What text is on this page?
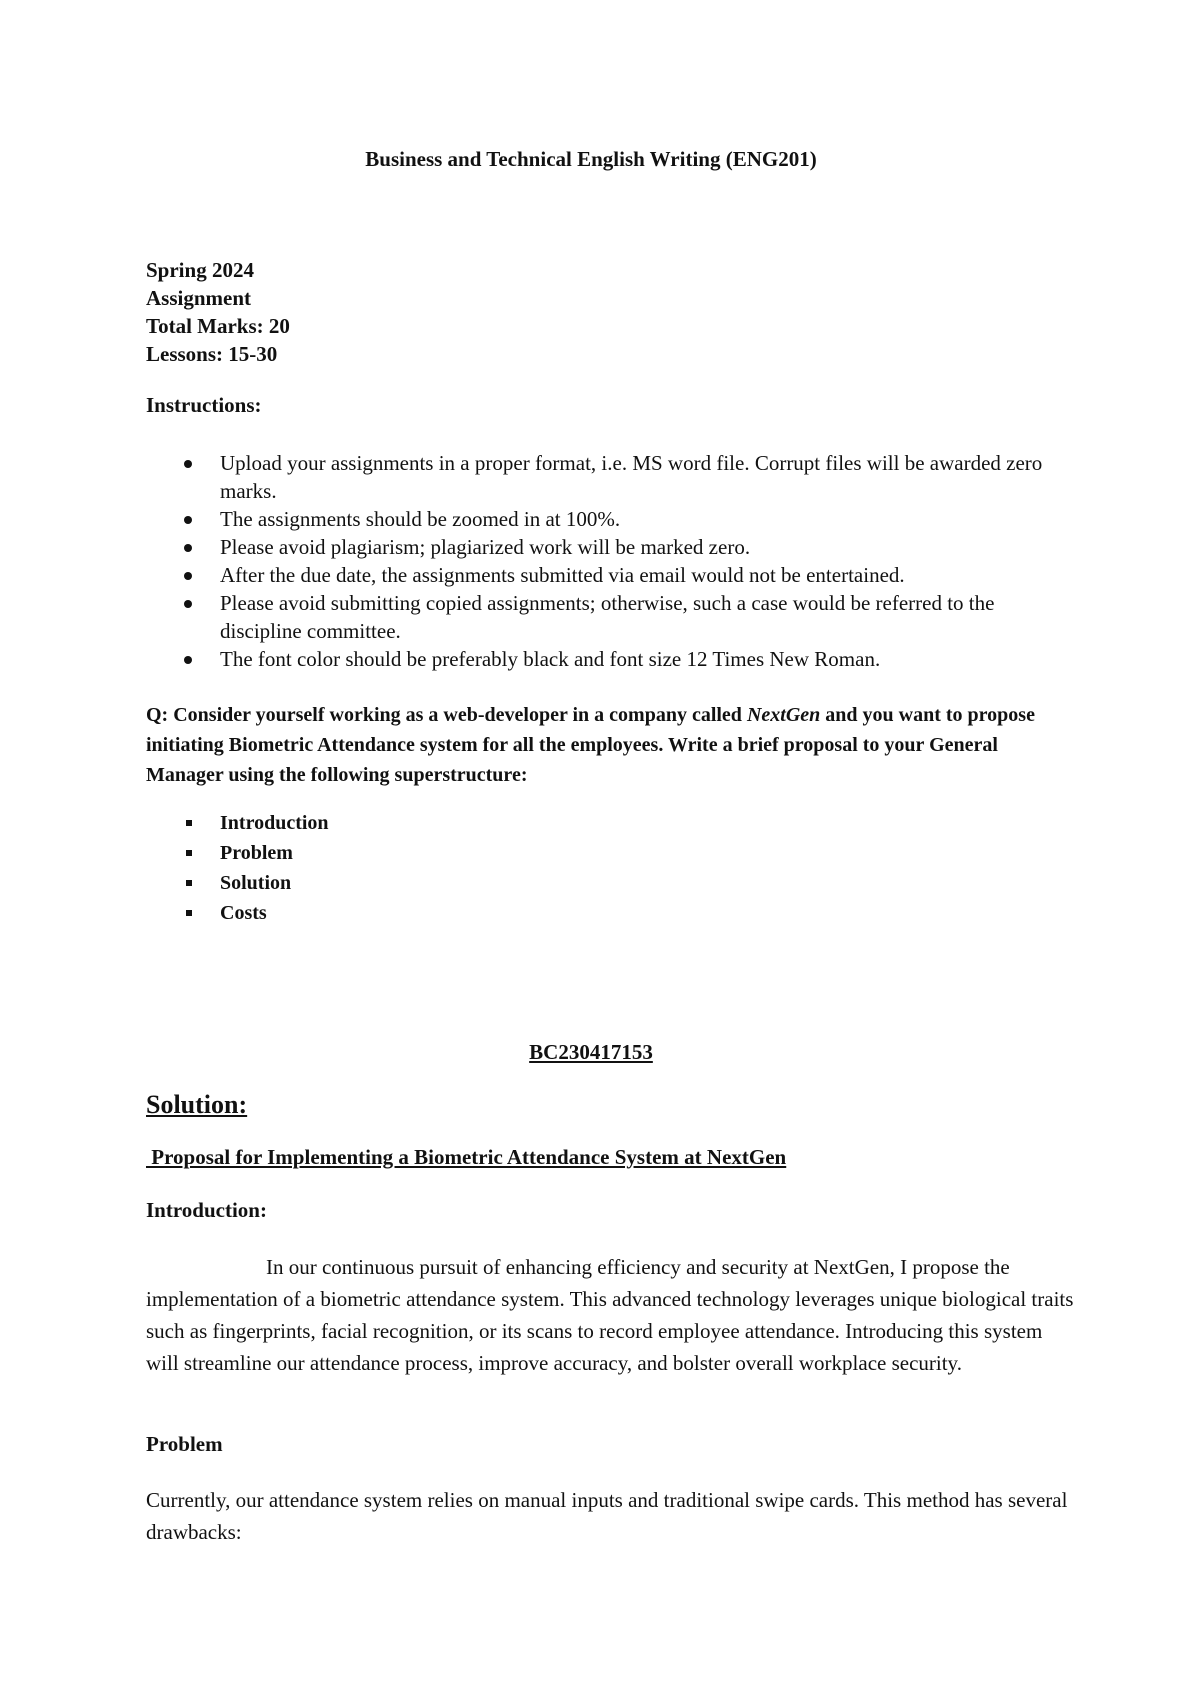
Business and Technical English Writing (ENG201)
Spring 2024
Assignment
Total Marks: 20
Lessons: 15-30
Instructions:
Upload your assignments in a proper format, i.e. MS word file. Corrupt files will be awarded zero marks.
The assignments should be zoomed in at 100%.
Please avoid plagiarism; plagiarized work will be marked zero.
After the due date, the assignments submitted via email would not be entertained.
Please avoid submitting copied assignments; otherwise, such a case would be referred to the discipline committee.
The font color should be preferably black and font size 12 Times New Roman.
Q: Consider yourself working as a web-developer in a company called NextGen and you want to propose initiating Biometric Attendance system for all the employees. Write a brief proposal to your General Manager using the following superstructure:
Introduction
Problem
Solution
Costs
BC230417153
Solution:
Proposal for Implementing a Biometric Attendance System at NextGen
Introduction:

In our continuous pursuit of enhancing efficiency and security at NextGen, I propose the implementation of a biometric attendance system. This advanced technology leverages unique biological traits such as fingerprints, facial recognition, or its scans to record employee attendance. Introducing this system will streamline our attendance process, improve accuracy, and bolster overall workplace security.

Problem

Currently, our attendance system relies on manual inputs and traditional swipe cards. This method has several drawbacks:
